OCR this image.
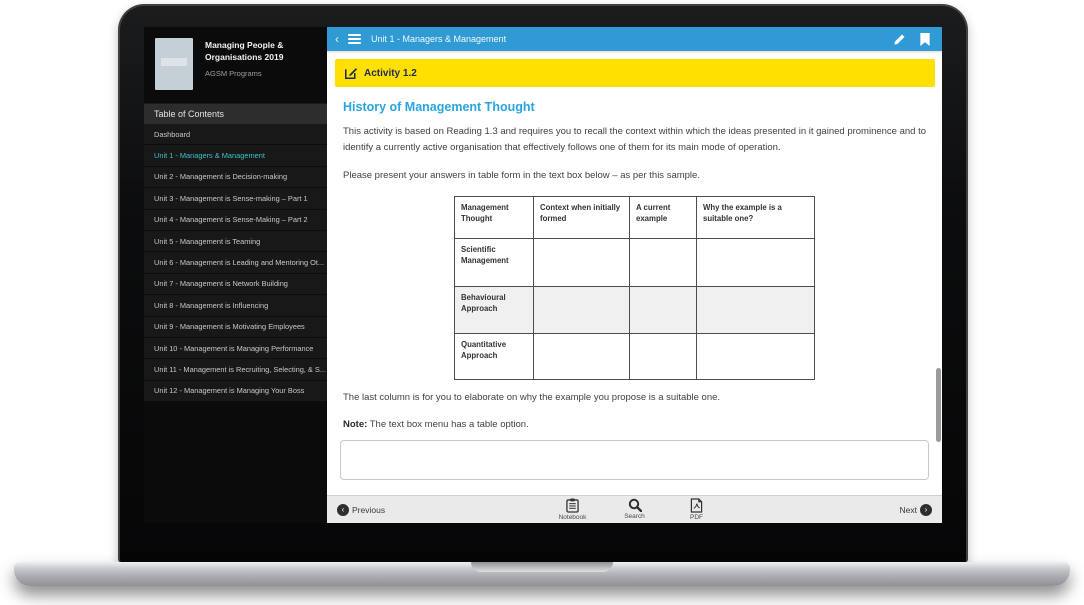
Managing People & Organisations 2019
AGSM Programs
Table of Contents
Dashboard
Unit 1 - Managers & Management
Unit 2 - Management is Decision-making
Unit 3 - Management is Sense-making – Part 1
Unit 4 - Management is Sense-Making – Part 2
Unit 5 - Management is Teaming
Unit 6 - Management is Leading and Mentoring Ot...
Unit 7 - Management is Network Building
Unit 8 - Management is Influencing
Unit 9 - Management is Motivating Employees
Unit 10 - Management is Managing Performance
Unit 11 - Management is Recruiting, Selecting, & S...
Unit 12 - Management is Managing Your Boss
‹	Unit 1 - Managers & Management
Activity 1.2
History of Management Thought

This activity is based on Reading 1.3 and requires you to recall the context within which the ideas presented in it gained prominence and to identify a currently active organisation that effectively follows one of them for its main mode of operation.

Please present your answers in table form in the text box below – as per this sample.

Management Thought	Context when initially formed	A current example	Why the example is a suitable one?
Scientific Management			
Behavioural Approach			
Quantitative Approach			

The last column is for you to elaborate on why the example you propose is a suitable one.

Note: The text box menu has a table option.

‹ Previous
Notebook	Search	PDF
Next ›
